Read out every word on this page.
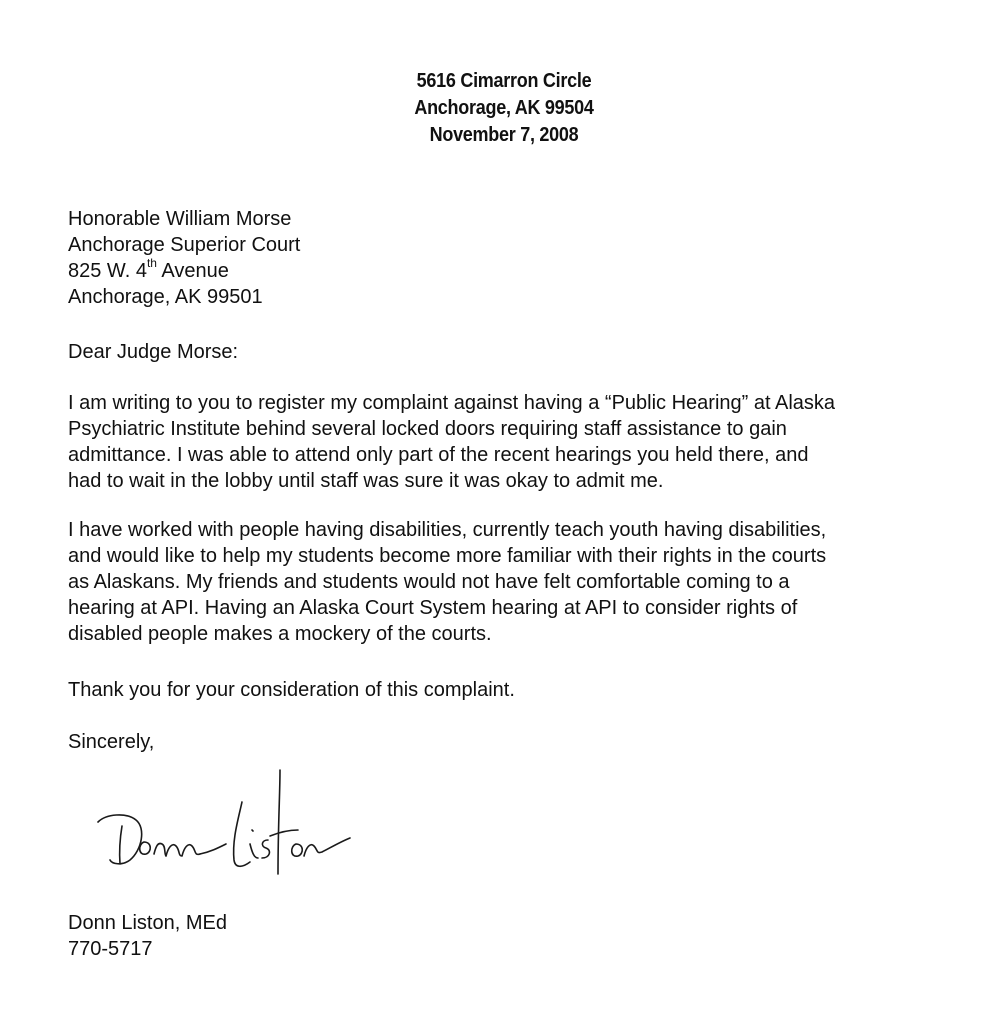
5616 Cimarron Circle
Anchorage, AK 99504
November 7, 2008
Honorable William Morse
Anchorage Superior Court
825 W. 4th Avenue
Anchorage, AK 99501
Dear Judge Morse:
I am writing to you to register my complaint against having a “Public Hearing” at Alaska
Psychiatric Institute behind several locked doors requiring staff assistance to gain
admittance. I was able to attend only part of the recent hearings you held there, and
had to wait in the lobby until staff was sure it was okay to admit me.
I have worked with people having disabilities, currently teach youth having disabilities,
and would like to help my students become more familiar with their rights in the courts
as Alaskans. My friends and students would not have felt comfortable coming to a
hearing at API. Having an Alaska Court System hearing at API to consider rights of
disabled people makes a mockery of the courts.
Thank you for your consideration of this complaint.
Sincerely,
Donn Liston, MEd
770-5717
